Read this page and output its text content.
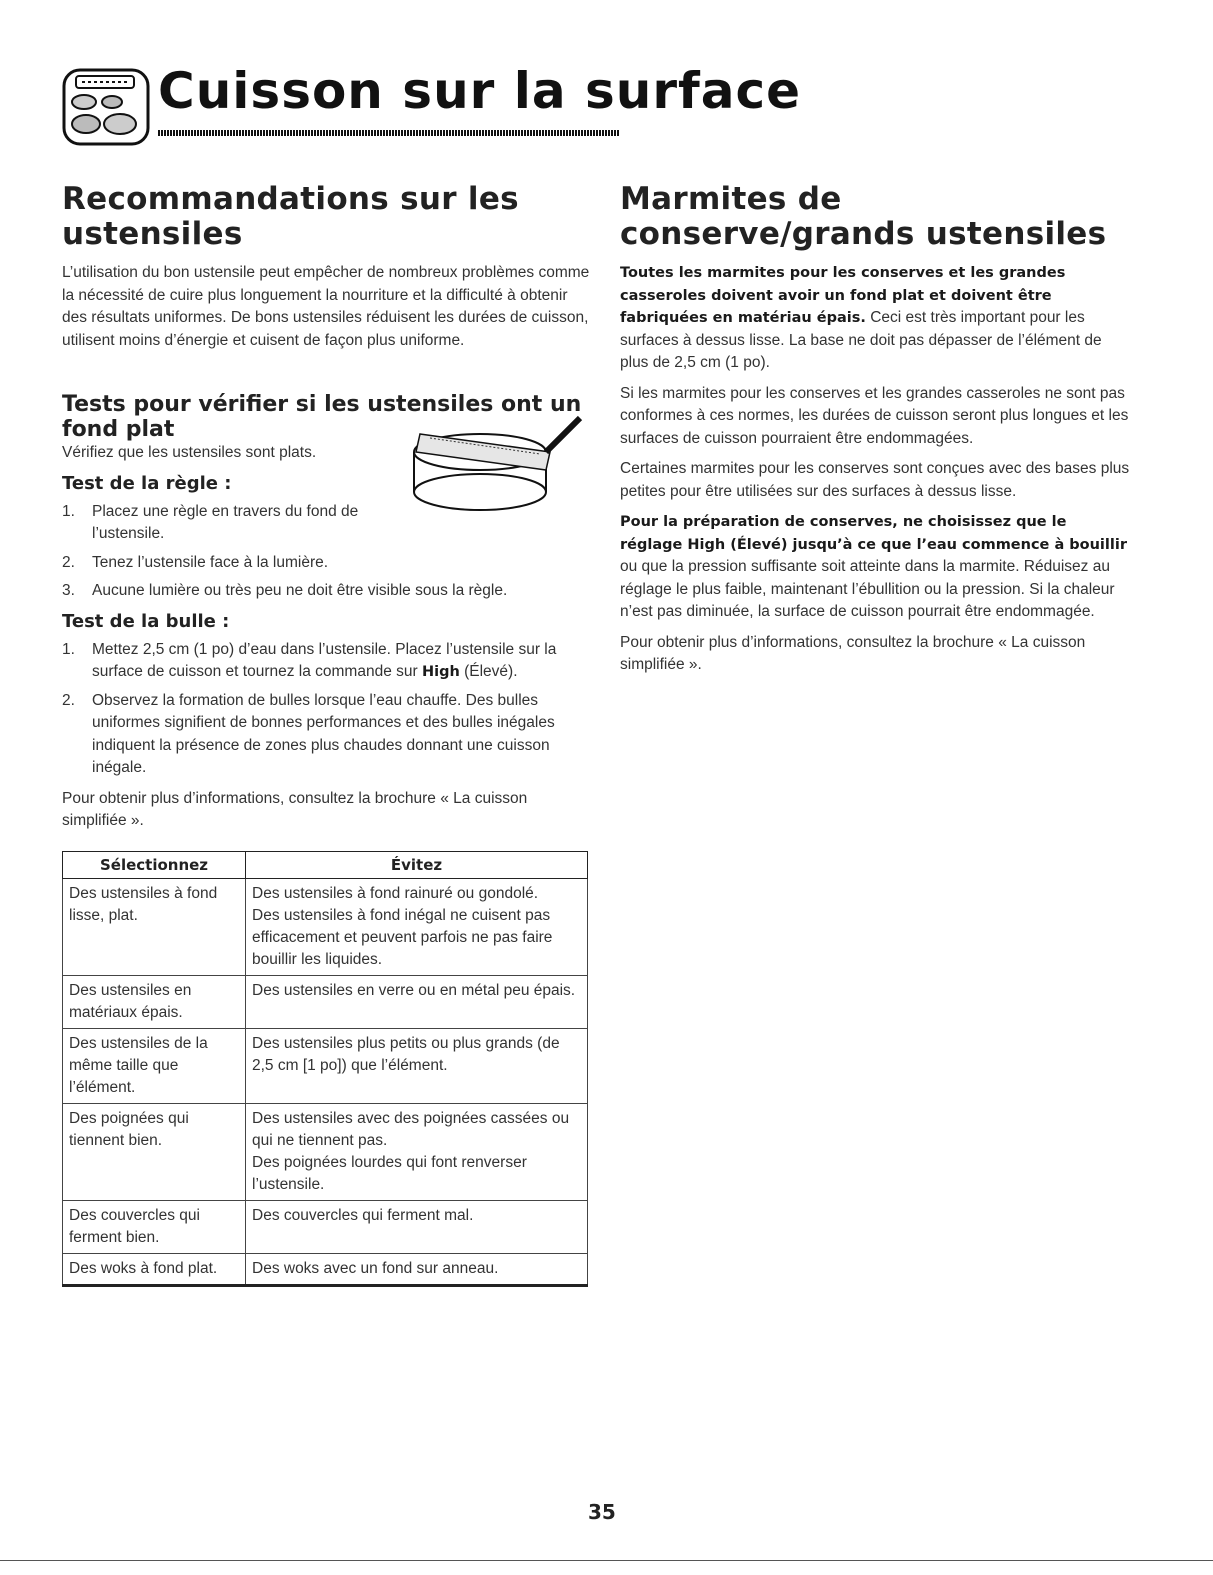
Cuisson sur la surface
Recommandations sur les ustensiles

L’utilisation du bon ustensile peut empêcher de nombreux problèmes comme la nécessité de cuire plus longuement la nourriture et la difficulté à obtenir des résultats uniformes. De bons ustensiles réduisent les durées de cuisson, utilisent moins d’énergie et cuisent de façon plus uniforme.

Tests pour vérifier si les ustensiles ont un fond plat

Vérifiez que les ustensiles sont plats.

Test de la règle :
1. Placez une règle en travers du fond de l’ustensile.
2. Tenez l’ustensile face à la lumière.
3. Aucune lumière ou très peu ne doit être visible sous la règle.
Test de la bulle :
1. Mettez 2,5 cm (1 po) d’eau dans l’ustensile. Placez l’ustensile sur la surface de cuisson et tournez la commande sur High (Élevé).
2. Observez la formation de bulles lorsque l’eau chauffe. Des bulles uniformes signifient de bonnes performances et des bulles inégales indiquent la présence de zones plus chaudes donnant une cuisson inégale.

Pour obtenir plus d’informations, consultez la brochure « La cuisson simplifiée ».

Sélectionnez	Évitez
Des ustensiles à fond lisse, plat.	Des ustensiles à fond rainuré ou gondolé.
Des ustensiles à fond inégal ne cuisent pas efficacement et peuvent parfois ne pas faire bouillir les liquides.

Des ustensiles en matériaux épais.	Des ustensiles en verre ou en métal peu épais.
Des ustensiles de la même taille que l’élément.	Des ustensiles plus petits ou plus grands (de 2,5 cm [1 po]) que l’élément.
Des poignées qui tiennent bien.	Des ustensiles avec des poignées cassées ou qui ne tiennent pas.
Des poignées lourdes qui font renverser l’ustensile.

Des couvercles qui ferment bien.	Des couvercles qui ferment mal.
Des woks à fond plat.	Des woks avec un fond sur anneau.
Marmites de conserve/grands ustensiles

Toutes les marmites pour les conserves et les grandes casseroles doivent avoir un fond plat et doivent être fabriquées en matériau épais. Ceci est très important pour les surfaces à dessus lisse. La base ne doit pas dépasser de l’élément de plus de 2,5 cm (1 po).

Si les marmites pour les conserves et les grandes casseroles ne sont pas conformes à ces normes, les durées de cuisson seront plus longues et les surfaces de cuisson pourraient être endommagées.

Certaines marmites pour les conserves sont conçues avec des bases plus petites pour être utilisées sur des surfaces à dessus lisse.

Pour la préparation de conserves, ne choisissez que le réglage High (Élevé) jusqu’à ce que l’eau commence à bouillir ou que la pression suffisante soit atteinte dans la marmite. Réduisez au réglage le plus faible, maintenant l’ébullition ou la pression. Si la chaleur n’est pas diminuée, la surface de cuisson pourrait être endommagée.

Pour obtenir plus d’informations, consultez la brochure « La cuisson simplifiée ».

35
